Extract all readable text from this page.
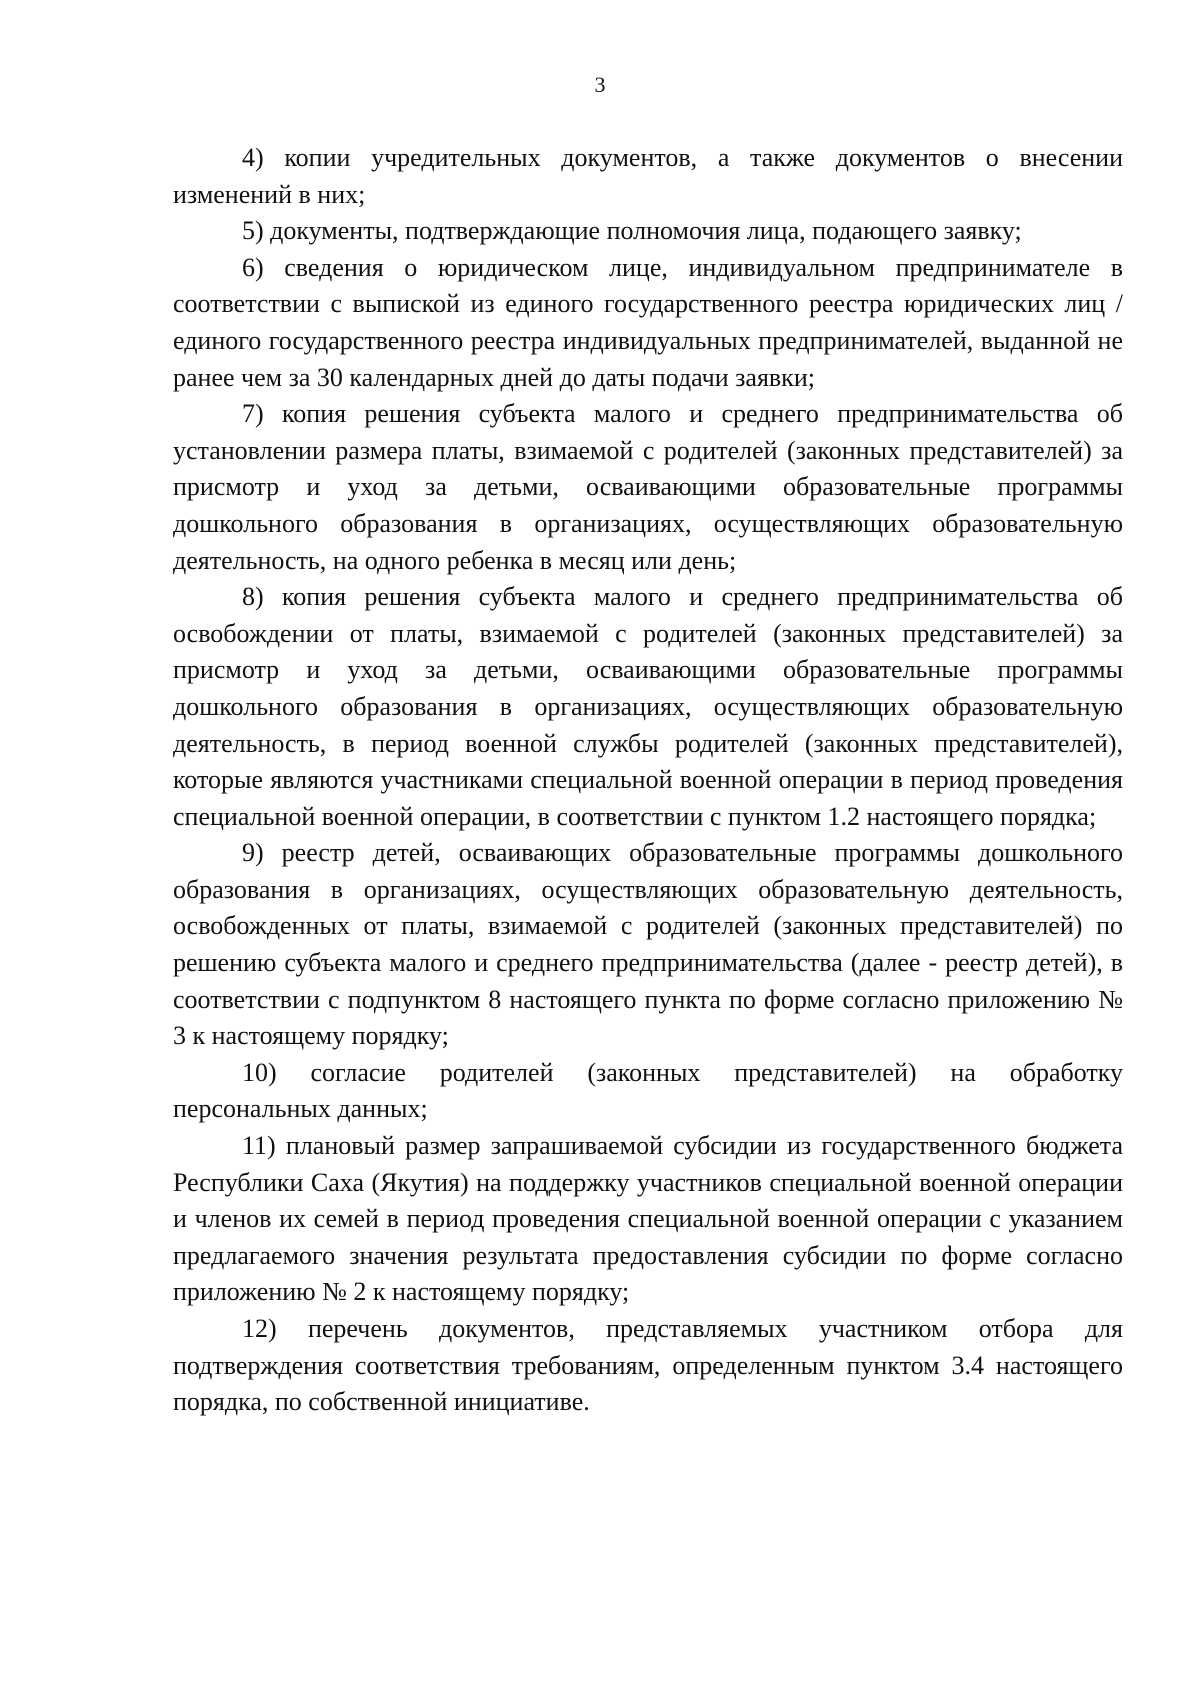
3

4) копии учредительных документов, а также документов о внесении изменений в них;

5) документы, подтверждающие полномочия лица, подающего заявку;

6) сведения о юридическом лице, индивидуальном предпринимателе в соответствии с выпиской из единого государственного реестра юридических лиц / единого государственного реестра индивидуальных предпринимателей, выданной не ранее чем за 30 календарных дней до даты подачи заявки;

7) копия решения субъекта малого и среднего предпринимательства об установлении размера платы, взимаемой с родителей (законных представителей) за присмотр и уход за детьми, осваивающими образовательные программы дошкольного образования в организациях, осуществляющих образовательную деятельность, на одного ребенка в месяц или день;

8) копия решения субъекта малого и среднего предпринимательства об освобождении от платы, взимаемой с родителей (законных представителей) за присмотр и уход за детьми, осваивающими образовательные программы дошкольного образования в организациях, осуществляющих образовательную деятельность, в период военной службы родителей (законных представителей), которые являются участниками специальной военной операции в период проведения специальной военной операции, в соответствии с пунктом 1.2 настоящего порядка;

9) реестр детей, осваивающих образовательные программы дошкольного образования в организациях, осуществляющих образовательную деятельность, освобожденных от платы, взимаемой с родителей (законных представителей) по решению субъекта малого и среднего предпринимательства (далее - реестр детей), в соответствии с подпунктом 8 настоящего пункта по форме согласно приложению № 3 к настоящему порядку;

10) согласие родителей (законных представителей) на обработку персональных данных;

11) плановый размер запрашиваемой субсидии из государственного бюджета Республики Саха (Якутия) на поддержку участников специальной военной операции и членов их семей в период проведения специальной военной операции с указанием предлагаемого значения результата предоставления субсидии по форме согласно приложению № 2 к настоящему порядку;

12) перечень документов, представляемых участником отбора для подтверждения соответствия требованиям, определенным пунктом 3.4 настоящего порядка, по собственной инициативе.
